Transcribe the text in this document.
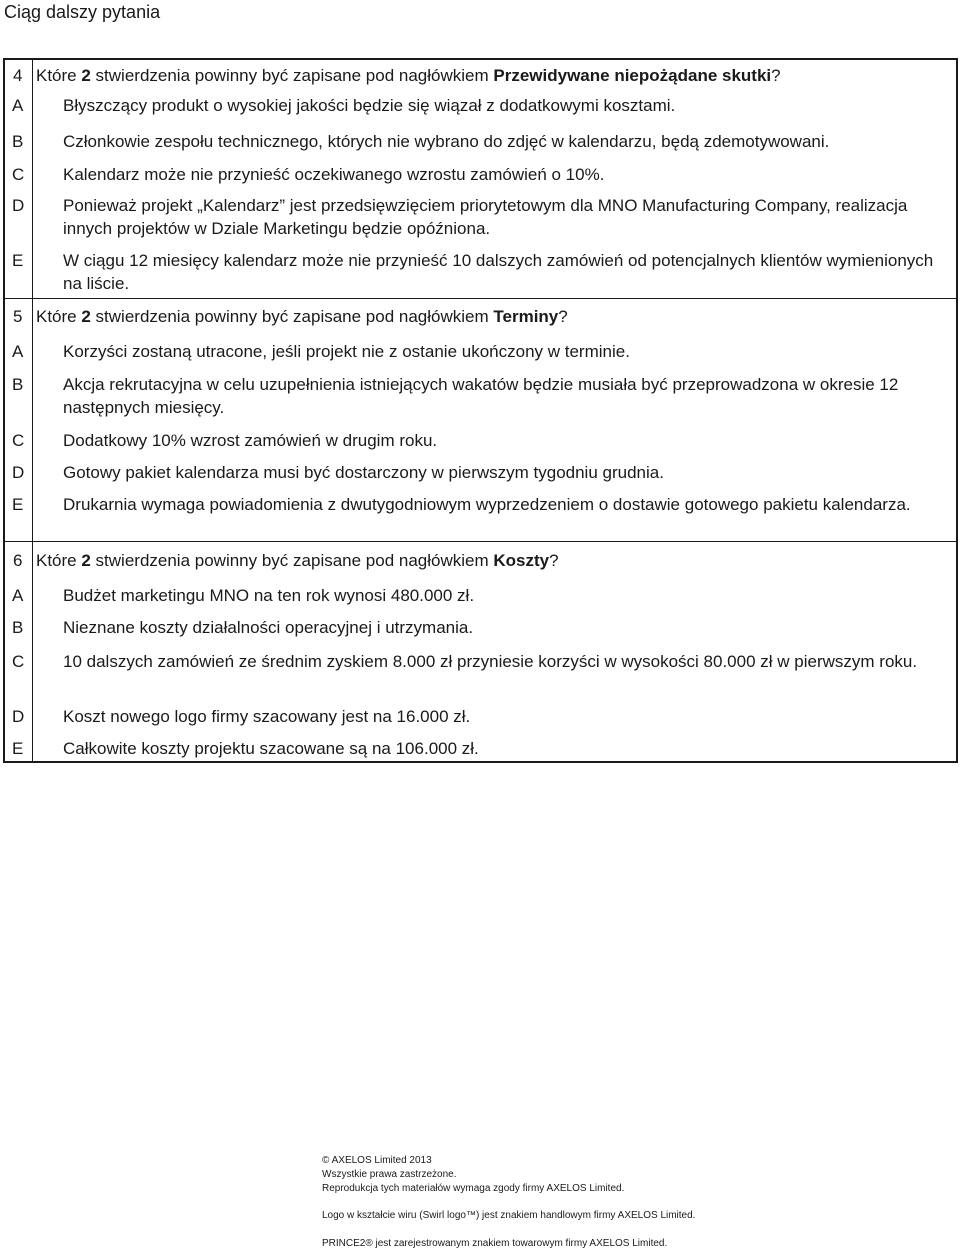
Ciąg dalszy pytania
4 Które 2 stwierdzenia powinny być zapisane pod nagłówkiem Przewidywane niepożądane skutki?
A Błyszczący produkt o wysokiej jakości będzie się wiązał z dodatkowymi kosztami.
B Członkowie zespołu technicznego, których nie wybrano do zdjęć w kalendarzu, będą zdemotywowani.
C Kalendarz może nie przynieść oczekiwanego wzrostu zamówień o 10%.
D Ponieważ projekt „Kalendarz” jest przedsięwzięciem priorytetowym dla MNO Manufacturing Company, realizacja innych projektów w Dziale Marketingu będzie opóźniona.
E W ciągu 12 miesięcy kalendarz może nie przynieść 10 dalszych zamówień od potencjalnych klientów wymienionych na liście.
5 Które 2 stwierdzenia powinny być zapisane pod nagłówkiem Terminy?
A Korzyści zostaną utracone, jeśli projekt nie z ostanie ukończony w terminie.
B Akcja rekrutacyjna w celu uzupełnienia istniejących wakatów będzie musiała być przeprowadzona w okresie 12 następnych miesięcy.
C Dodatkowy 10% wzrost zamówień w drugim roku.
D Gotowy pakiet kalendarza musi być dostarczony w pierwszym tygodniu grudnia.
E Drukarnia wymaga powiadomienia z dwutygodniowym wyprzedzeniem o dostawie gotowego pakietu kalendarza.
6 Które 2 stwierdzenia powinny być zapisane pod nagłówkiem Koszty?
A Budżet marketingu MNO na ten rok wynosi 480.000 zł.
B Nieznane koszty działalności operacyjnej i utrzymania.
C 10 dalszych zamówień ze średnim zyskiem 8.000 zł przyniesie korzyści w wysokości 80.000 zł w pierwszym roku.
D Koszt nowego logo firmy szacowany jest na 16.000 zł.
E Całkowite koszty projektu szacowane są na 106.000 zł.
© AXELOS Limited 2013
Wszystkie prawa zastrzeżone.
Reprodukcja tych materiałów wymaga zgody firmy AXELOS Limited.
Logo w kształcie wiru (Swirl logo™) jest znakiem handlowym firmy AXELOS Limited.
PRINCE2® jest zarejestrowanym znakiem towarowym firmy AXELOS Limited.
